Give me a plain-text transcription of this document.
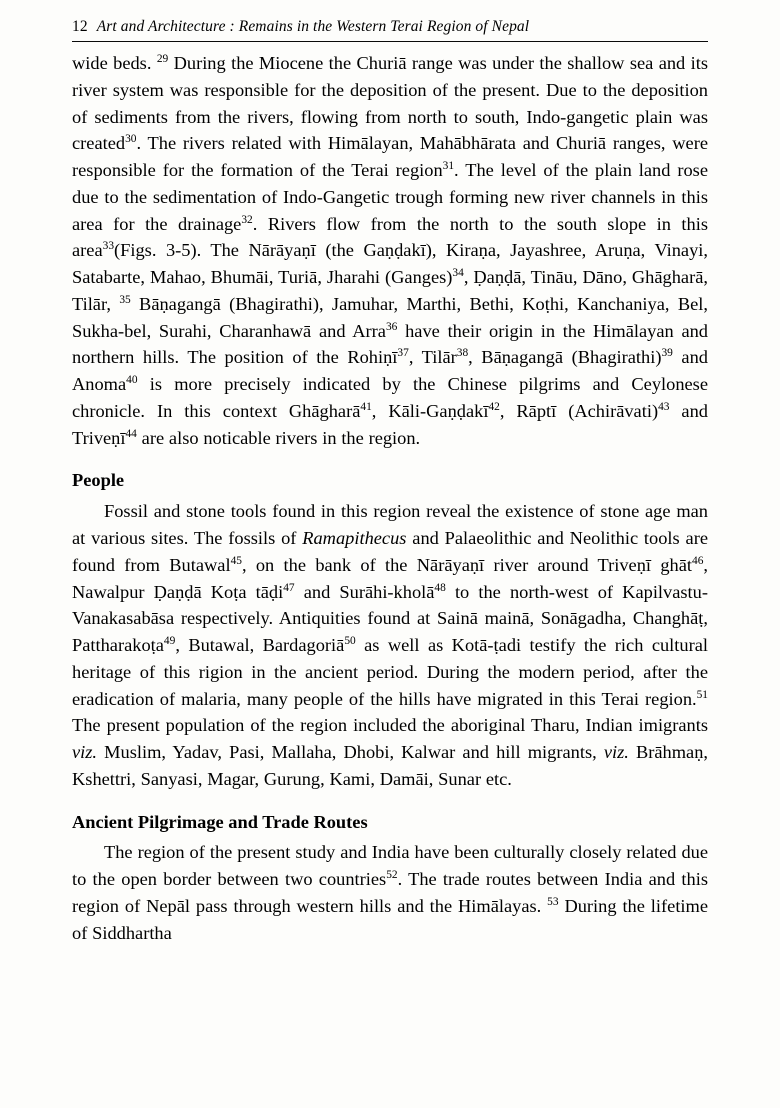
12 Art and Architecture : Remains in the Western Terai Region of Nepal

wide beds. $^{29}$ During the Miocene the Churiā range was under the shallow sea and its river system was responsible for the deposition of the present. Due to the deposition of sediments from the rivers, flowing from north to south, Indo-gangetic plain was created$^{30}$. The rivers related with Himālayan, Mahābhārata and Churiā ranges, were responsible for the formation of the Terai region$^{31}$. The level of the plain land rose due to the sedimentation of Indo-Gangetic trough forming new river channels in this area for the drainage$^{32}$. Rivers flow from the north to the south slope in this area$^{33}$(Figs. 3-5). The Nārāyaṇī (the Gaṇḍakī), Kiraṇa, Jayashree, Aruṇa, Vinayi, Satabarte, Mahao, Bhumāi, Turiā, Jharahi (Ganges)$^{34}$, Ḍaṇḍā, Tināu, Dāno, Ghāgharā, Tilār, $^{35}$ Bāṇagangā (Bhagirathi), Jamuhar, Marthi, Bethi, Koṭhi, Kanchaniya, Bel, Sukha-bel, Surahi, Charanhawā and Arra$^{36}$ have their origin in the Himālayan and northern hills. The position of the Rohiṇī$^{37}$, Tilār$^{38}$, Bāṇagangā (Bhagirathi)$^{39}$ and Anoma$^{40}$ is more precisely indicated by the Chinese pilgrims and Ceylonese chronicle. In this context Ghāgharā$^{41}$, Kāli-Gaṇḍakī$^{42}$, Rāptī (Achirāvati)$^{43}$ and Triveṇī$^{44}$ are also noticable rivers in the region.

People

Fossil and stone tools found in this region reveal the existence of stone age man at various sites. The fossils of Ramapithecus and Palaeolithic and Neolithic tools are found from Butawal$^{45}$, on the bank of the Nārāyaṇī river around Triveṇī ghāt$^{46}$, Nawalpur Ḍaṇḍā Koṭa tāḍi$^{47}$ and Surāhi-kholā$^{48}$ to the north-west of Kapilvastu-Vanakasabāsa respectively. Antiquities found at Sainā mainā, Sonāgadha, Changhāṭ, Pattharakoṭa$^{49}$, Butawal, Bardagoriā$^{50}$ as well as Kotā-ṭadi testify the rich cultural heritage of this rigion in the ancient period. During the modern period, after the eradication of malaria, many people of the hills have migrated in this Terai region.$^{51}$ The present population of the region included the aboriginal Tharu, Indian imigrants viz. Muslim, Yadav, Pasi, Mallaha, Dhobi, Kalwar and hill migrants, viz. Brāhmaṇ, Kshettri, Sanyasi, Magar, Gurung, Kami, Damāi, Sunar etc.

Ancient Pilgrimage and Trade Routes

The region of the present study and India have been culturally closely related due to the open border between two countries$^{52}$. The trade routes between India and this region of Nepāl pass through western hills and the Himālayas. $^{53}$ During the lifetime of Siddhartha
